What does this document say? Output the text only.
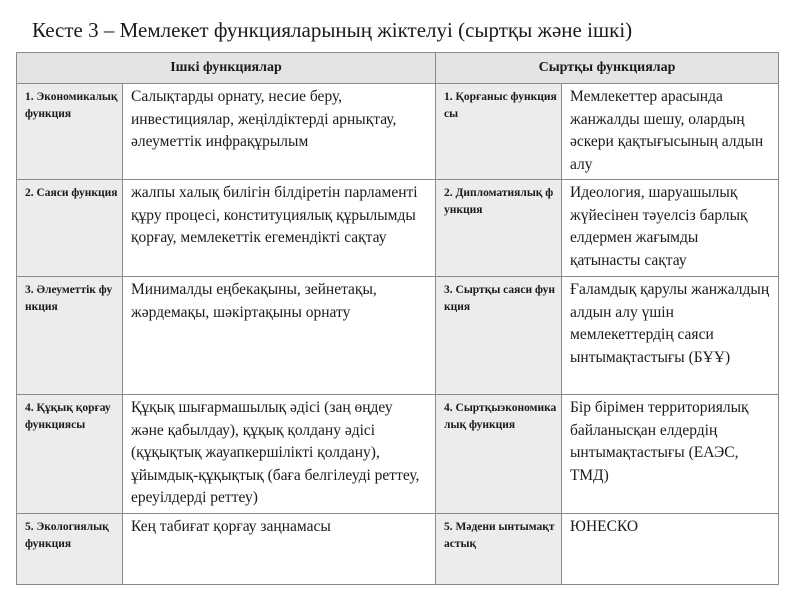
Кесте 3 – Мемлекет функцияларының жіктелуі (сыртқы және ішкі)
Ішкі функциялар		Сыртқы функциялар	
1. Экономикалық функция	Салықтарды орнату, несие беру, инвестициялар, жеңілдіктерді арнықтау, әлеуметтік инфрақұрылым	1. Қорғаныс функциясы	Мемлекеттер арасында жанжалды шешу, олардың әскери қақтығысының алдын алу
2. Саяси функция	жалпы халық билігін білдіретін парламенті құру процесі, конституциялық құрылымды қорғау, мемлекеттік егемендікті сақтау	2. Дипломатиялық функция	Идеология, шаруашылық жүйесінен тәуелсіз барлық елдермен жағымды қатынасты сақтау
3. Әлеуметтік функция	Минималды еңбекақыны, зейнетақы, жәрдемақы, шәкіртақыны орнату	3. Сыртқы саяси функция	Ғаламдық қарулы жанжалдың алдын алу үшін мемлекеттердің саяси ынтымақтастығы (БҰҰ)
4. Құқық қорғау функциясы	Құқық шығармашылық әдісі (заң өңдеу және қабылдау), құқық қолдану әдісі (құқықтық жауапкершілікті қолдану), ұйымдық-құқықтық (баға белгілеуді реттеу, ереуілдерді реттеу)	4. Сыртқыэкономикалық функция	Бір бірімен территориялық байланысқан елдердің ынтымақтастығы (ЕАЭС, ТМД)
5. Экологиялық функция	Кең табиғат қорғау заңнамасы	5. Мәдени ынтымақтастық	ЮНЕСКО
